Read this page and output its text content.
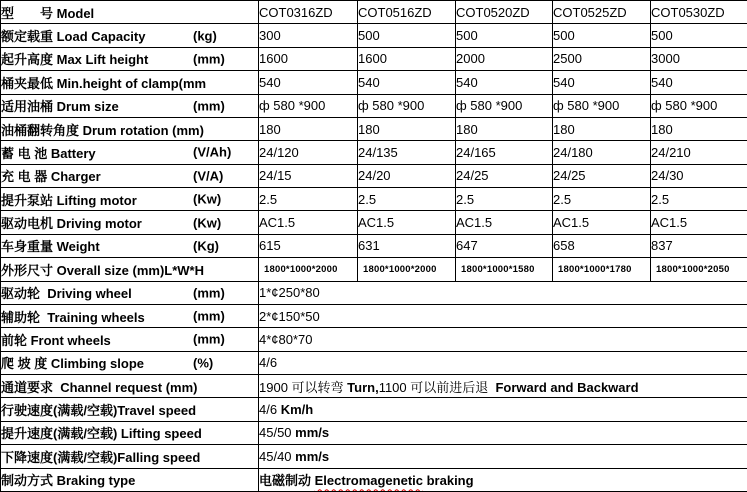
型　　号 Model	COT0316ZD	COT0516ZD	COT0520ZD	COT0525ZD	COT0530ZD
额定载重 Load Capacity (kg)	300	500	500	500	500
起升高度 Max Lift height (mm)	1600	1600	2000	2500	3000
桶夹最低 Min.height of clamp(mm	540	540	540	540	540
适用油桶 Drum size (mm)	ф 580 *900	ф 580 *900	ф 580 *900	ф 580 *900	ф 580 *900
油桶翻转角度 Drum rotation (mm)	180	180	180	180	180
蓄 电 池 Battery (V/Ah)	24/120	24/135	24/165	24/180	24/210
充 电 器 Charger (V/A)	24/15	24/20	24/25	24/25	24/30
提升泵站 Lifting motor (Kw)	2.5	2.5	2.5	2.5	2.5
驱动电机 Driving motor (Kw)	AC1.5	AC1.5	AC1.5	AC1.5	AC1.5
车身重量 Weight (Kg)	615	631	647	658	837
外形尺寸 Overall size (mm)L*W*H	1800*1000*2000	1800*1000*2000	1800*1000*1580	1800*1000*1780	1800*1000*2050
驱动轮  Driving wheel (mm)	1*¢250*80				
辅助轮  Training wheels (mm)	2*¢150*50				
前轮 Front wheels (mm)	4*¢80*70				
爬 坡 度 Climbing slope (%)	4/6				
通道要求  Channel request (mm)	1900 可以转弯 Turn,1100 可以前进后退  Forward and Backward				
行驶速度(满载/空载)Travel speed	4/6 Km/h				
提升速度(满载/空载) Lifting speed	45/50 mm/s				
下降速度(满载/空载)Falling speed	45/40 mm/s				
制动方式 Braking type	电磁制动 Electromagenetic braking				
